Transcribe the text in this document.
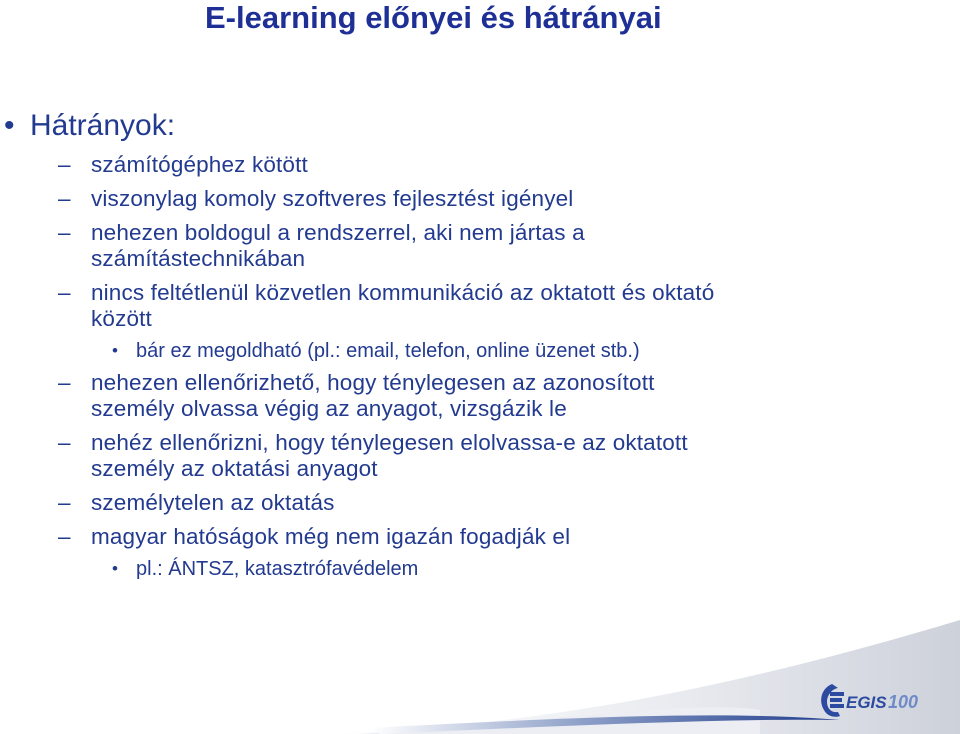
E-learning előnyei és hátrányai
• Hátrányok:
– számítógéphez kötött
– viszonylag komoly szoftveres fejlesztést igényel
– nehezen boldogul a rendszerrel, aki nem jártas a
számítástechnikában
– nincs feltétlenül közvetlen kommunikáció az oktatott és oktató
között
• bár ez megoldható (pl.: email, telefon, online üzenet stb.)
– nehezen ellenőrizhető, hogy ténylegesen az azonosított
személy olvassa végig az anyagot, vizsgázik le
– nehéz ellenőrizni, hogy ténylegesen elolvassa-e az oktatott
személy az oktatási anyagot
– személytelen az oktatás
– magyar hatóságok még nem igazán fogadják el
• pl.: ÁNTSZ, katasztrófavédelem
EGIS 100
